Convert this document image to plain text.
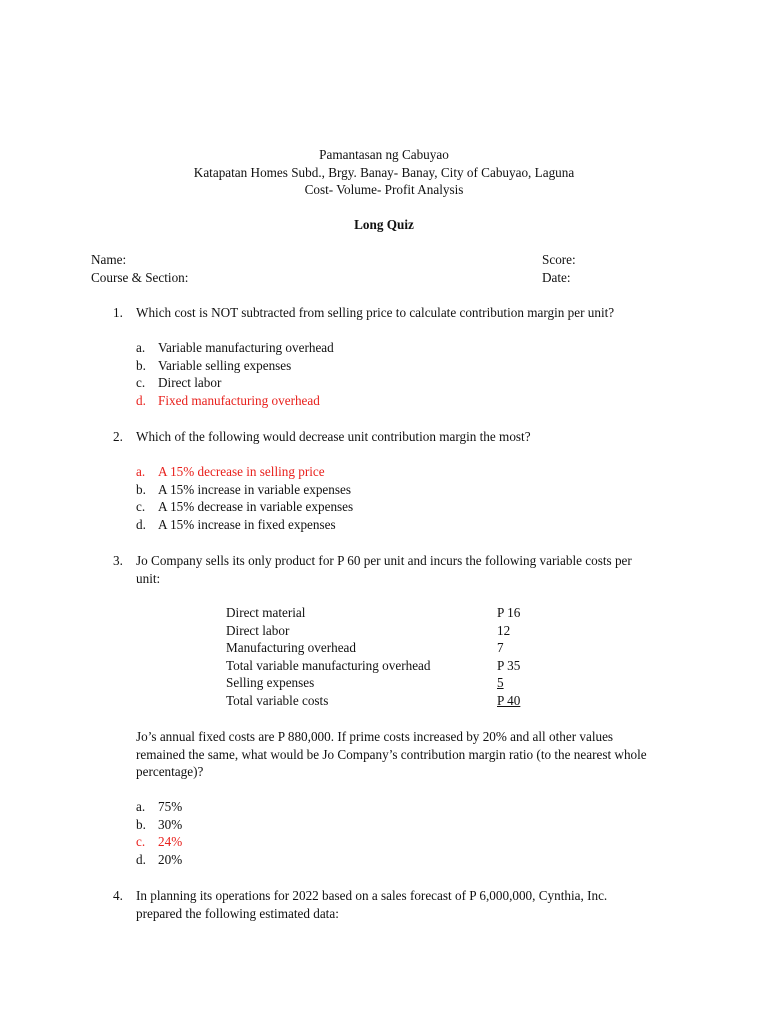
Pamantasan ng Cabuyao
Katapatan Homes Subd., Brgy. Banay- Banay, City of Cabuyao, Laguna
Cost- Volume- Profit Analysis
Long Quiz
Name:
Course & Section:
Score:
Date:
1. Which cost is NOT subtracted from selling price to calculate contribution margin per unit?
a. Variable manufacturing overhead
b. Variable selling expenses
c. Direct labor
d. Fixed manufacturing overhead
2. Which of the following would decrease unit contribution margin the most?
a. A 15% decrease in selling price
b. A 15% increase in variable expenses
c. A 15% decrease in variable expenses
d. A 15% increase in fixed expenses
3. Jo Company sells its only product for P 60 per unit and incurs the following variable costs per
unit:
Direct material	P 16
Direct labor	12
Manufacturing overhead	7
Total variable manufacturing overhead	P 35
Selling expenses	5
Total variable costs	P 40
Jo’s annual fixed costs are P 880,000. If prime costs increased by 20% and all other values
remained the same, what would be Jo Company’s contribution margin ratio (to the nearest whole
percentage)?
a. 75%
b. 30%
c. 24%
d. 20%
4. In planning its operations for 2022 based on a sales forecast of P 6,000,000, Cynthia, Inc.
prepared the following estimated data:
